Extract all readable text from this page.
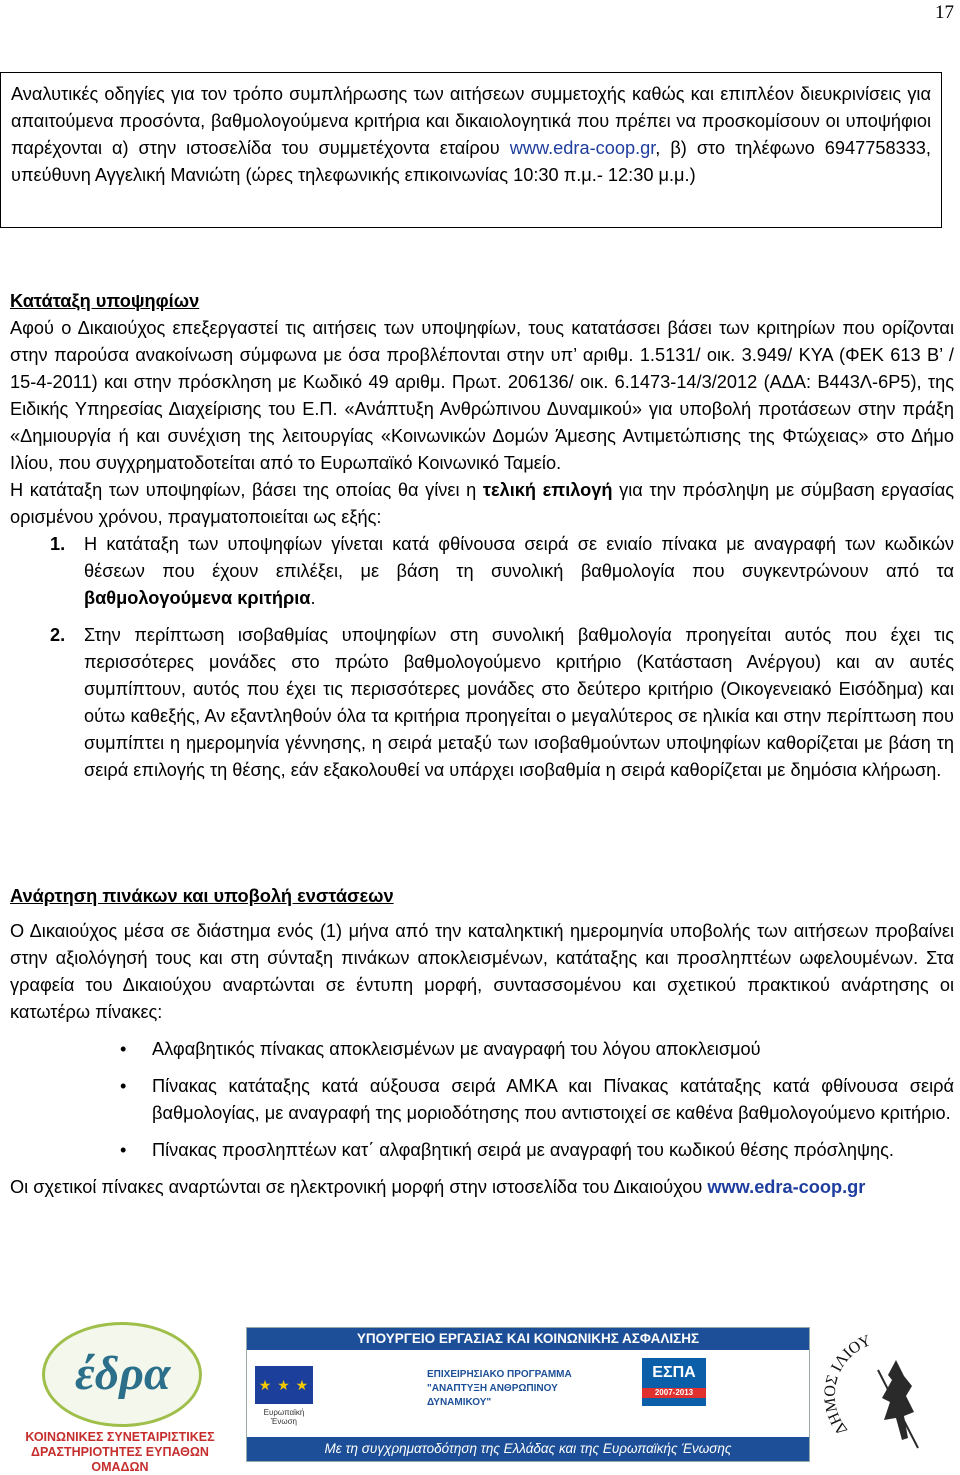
17
Αναλυτικές οδηγίες για τον τρόπο συμπλήρωσης των αιτήσεων συμμετοχής καθώς και επιπλέον διευκρινίσεις για απαιτούμενα προσόντα, βαθμολογούμενα κριτήρια και δικαιολογητικά που πρέπει να προσκομίσουν οι υποψήφιοι παρέχονται α) στην ιστοσελίδα του συμμετέχοντα εταίρου www.edra-coop.gr, β) στο τηλέφωνο 6947758333, υπεύθυνη Αγγελική Μανιώτη (ώρες τηλεφωνικής επικοινωνίας 10:30 π.μ.- 12:30 μ.μ.)
Κατάταξη υποψηφίων
Αφού ο Δικαιούχος επεξεργαστεί τις αιτήσεις των υποψηφίων, τους κατατάσσει βάσει των κριτηρίων που ορίζονται στην παρούσα ανακοίνωση σύμφωνα με όσα προβλέπονται στην υπ’ αριθμ. 1.5131/ οικ. 3.949/ ΚΥΑ (ΦΕΚ 613 Β’ / 15-4-2011) και στην πρόσκληση με Κωδικό 49 αριθμ. Πρωτ. 206136/ οικ. 6.1473-14/3/2012 (ΑΔΑ: Β443Λ-6Ρ5), της Ειδικής Υπηρεσίας Διαχείρισης του Ε.Π. «Ανάπτυξη Ανθρώπινου Δυναμικού» για υποβολή προτάσεων στην πράξη «Δημιουργία ή και συνέχιση της λειτουργίας «Κοινωνικών Δομών Άμεσης Αντιμετώπισης της Φτώχειας» στο Δήμο Ιλίου, που συγχρηματοδοτείται από το Ευρωπαϊκό Κοινωνικό Ταμείο.
Η κατάταξη των υποψηφίων, βάσει της οποίας θα γίνει η τελική επιλογή για την πρόσληψη με σύμβαση εργασίας ορισμένου χρόνου, πραγματοποιείται ως εξής:
1. Η κατάταξη των υποψηφίων γίνεται κατά φθίνουσα σειρά σε ενιαίο πίνακα με αναγραφή των κωδικών θέσεων που έχουν επιλέξει, με βάση τη συνολική βαθμολογία που συγκεντρώνουν από τα βαθμολογούμενα κριτήρια.
2. Στην περίπτωση ισοβαθμίας υποψηφίων στη συνολική βαθμολογία προηγείται αυτός που έχει τις περισσότερες μονάδες στο πρώτο βαθμολογούμενο κριτήριο (Κατάσταση Ανέργου) και αν αυτές συμπίπτουν, αυτός που έχει τις περισσότερες μονάδες στο δεύτερο κριτήριο (Οικογενειακό Εισόδημα) και ούτω καθεξής, Αν εξαντληθούν όλα τα κριτήρια προηγείται ο μεγαλύτερος σε ηλικία και στην περίπτωση που συμπίπτει η ημερομηνία γέννησης, η σειρά μεταξύ των ισοβαθμούντων υποψηφίων καθορίζεται με βάση τη σειρά επιλογής τη θέσης, εάν εξακολουθεί να υπάρχει ισοβαθμία η σειρά καθορίζεται με δημόσια κλήρωση.
Ανάρτηση πινάκων και υποβολή ενστάσεων
Ο Δικαιούχος μέσα σε διάστημα ενός (1) μήνα από την καταληκτική ημερομηνία υποβολής των αιτήσεων προβαίνει στην αξιολόγησή τους και στη σύνταξη πινάκων αποκλεισμένων, κατάταξης και προσληπτέων ωφελουμένων. Στα γραφεία του Δικαιούχου αναρτώνται σε έντυπη μορφή, συντασσομένου και σχετικού πρακτικού ανάρτησης οι κατωτέρω πίνακες:
• Αλφαβητικός πίνακας αποκλεισμένων με αναγραφή του λόγου αποκλεισμού
• Πίνακας κατάταξης κατά αύξουσα σειρά ΑΜΚΑ και Πίνακας κατάταξης κατά φθίνουσα σειρά βαθμολογίας, με αναγραφή της μοριοδότησης που αντιστοιχεί σε καθένα βαθμολογούμενο κριτήριο.
• Πίνακας προσληπτέων κατ΄ αλφαβητική σειρά με αναγραφή του κωδικού θέσης πρόσληψης.
Οι σχετικοί πίνακες αναρτώνται σε ηλεκτρονική μορφή στην ιστοσελίδα του Δικαιούχου www.edra-coop.gr
έδρα
ΚΟΙΝΩΝΙΚΕΣ ΣΥΝΕΤΑΙΡΙΣΤΙΚΕΣ
ΔΡΑΣΤΗΡΙΟΤΗΤΕΣ ΕΥΠΑΘΩΝ ΟΜΑΔΩΝ
ΥΠΟΥΡΓΕΙΟ ΕΡΓΑΣΙΑΣ ΚΑΙ ΚΟΙΝΩΝΙΚΗΣ ΑΣΦΑΛΙΣΗΣ
★ ★ ★
Ευρωπαϊκή Ένωση
ΕΠΙΧΕΙΡΗΣΙΑΚΟ ΠΡΟΓΡΑΜΜΑ
"ΑΝΑΠΤΥΞΗ ΑΝΘΡΩΠΙΝΟΥ ΔΥΝΑΜΙΚΟΥ"
ΕΣΠΑ
2007-2013
Με τη συγχρηματοδότηση της Ελλάδας και της Ευρωπαϊκής Ένωσης
ΔΗΜΟΣ ΙΛΙΟΥ
